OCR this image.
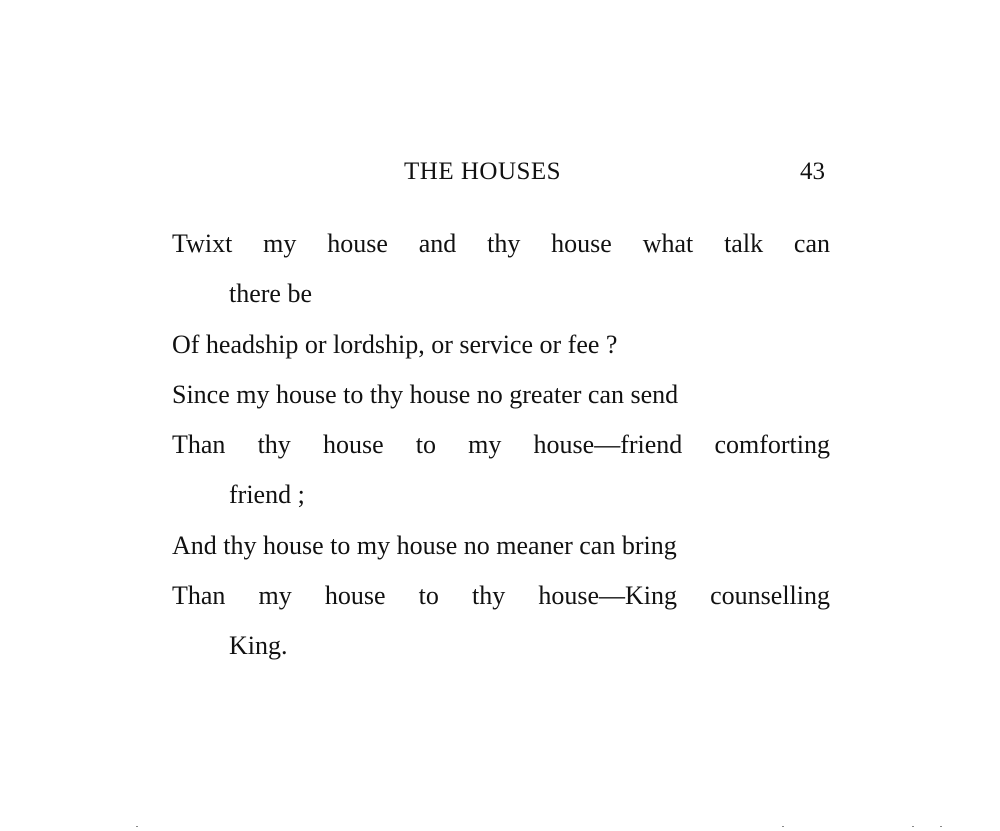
THE HOUSES	43
Twixt my house and thy house what talk can
there be
Of headship or lordship, or service or fee ?
Since my house to thy house no greater can send
Than thy house to my house—friend comforting
friend ;
And thy house to my house no meaner can bring
Than my house to thy house—King counselling
King.
